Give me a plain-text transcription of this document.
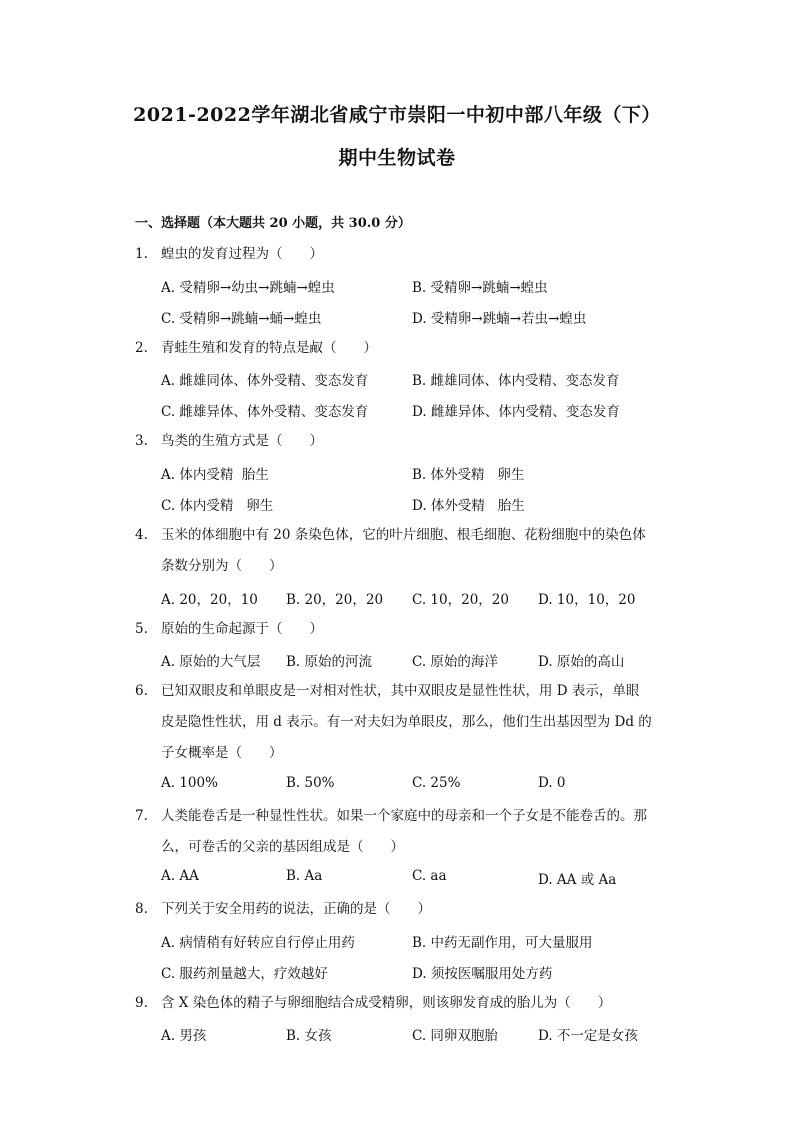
2021-2022学年湖北省咸宁市崇阳一中初中部八年级（下）
期中生物试卷
一、选择题（本大题共 20 小题，共 30.0 分）
1. 蝗虫的发育过程为（　　）
A. 受精卵→幼虫→跳蝻→蝗虫	B. 受精卵→跳蝻→蝗虫
C. 受精卵→跳蝻→蛹→蝗虫	D. 受精卵→跳蝻→若虫→蝗虫
2. 青蛙生殖和发育的特点是㕟（　　）
A. 雌雄同体、体外受精、变态发育	B. 雌雄同体、体内受精、变态发育
C. 雌雄异体、体外受精、变态发育	D. 雌雄异体、体内受精、变态发育
3. 鸟类的生殖方式是（　　）
A. 体内受精  胎生	B. 体外受精   卵生
C. 体内受精   卵生	D. 体外受精   胎生
4. 玉米的体细胞中有 20 条染色体，它的叶片细胞、根毛细胞、花粉细胞中的染色体
条数分别为（　　）
A. 20，20，10 B. 20，20，20 C. 10，20，20 D. 10，10，20
5. 原始的生命起源于（　　）
A. 原始的大气层 B. 原始的河流	C. 原始的海洋	D. 原始的高山
6. 已知双眼皮和单眼皮是一对相对性状，其中双眼皮是显性性状，用 D 表示，单眼
皮是隐性性状，用 d 表示。有一对夫妇为单眼皮，那么，他们生出基因型为 Dd 的
子女概率是（　　）
A. 100%	B. 50%	C. 25%	D. 0
7. 人类能卷舌是一种显性性状。如果一个家庭中的母亲和一个子女是不能卷舌的。那
么，可卷舌的父亲的基因组成是（　　）
A. AA	B. Aa	C. aa	D. AA 或 Aa
8. 下列关于安全用药的说法，正确的是（　　）
A. 病情稍有好转应自行停止用药	B. 中药无副作用，可大量服用
C. 服药剂量越大，疗效越好	D. 须按医嘱服用处方药
9. 含 X 染色体的精子与卵细胞结合成受精卵，则该卵发育成的胎儿为（　　）
A. 男孩	B. 女孩	C. 同卵双胞胎	D. 不一定是女孩
